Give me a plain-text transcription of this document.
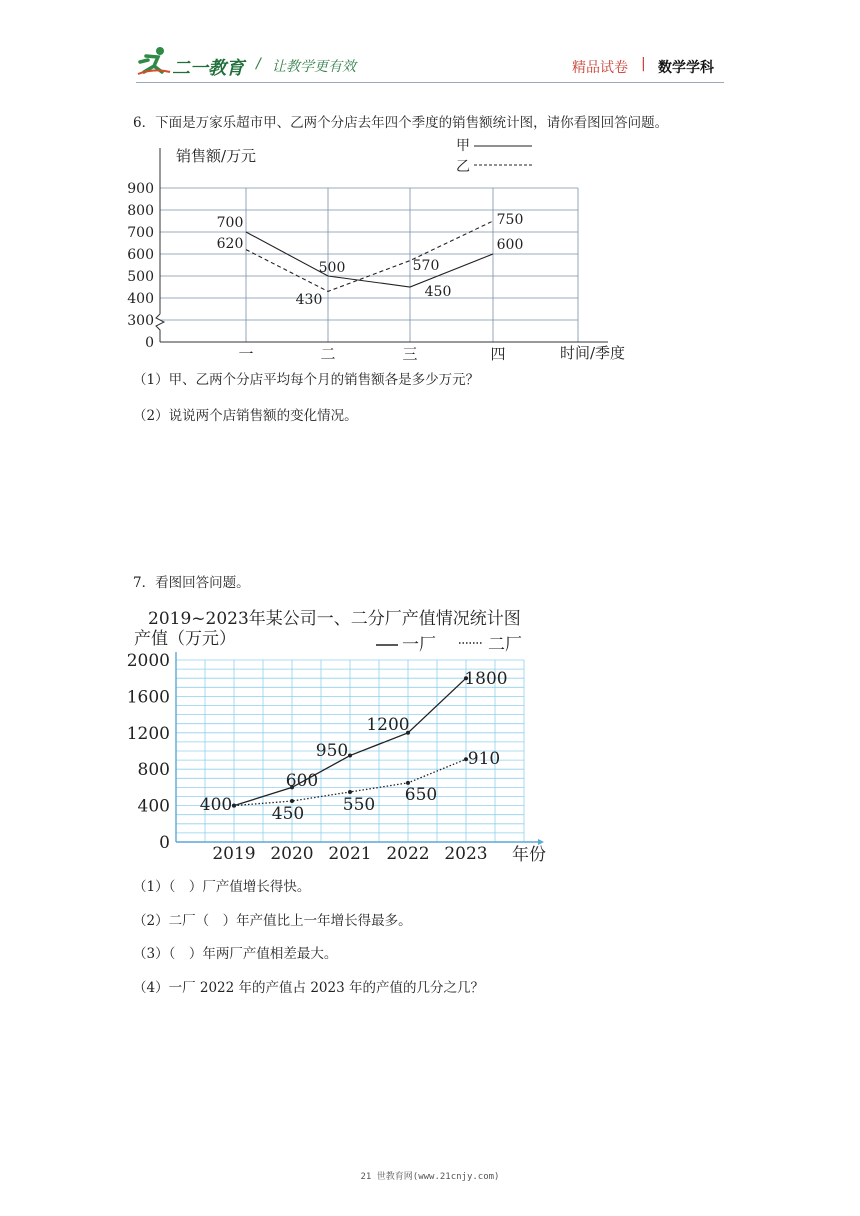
二一教育 / 让教学更有效	精品试卷 | 数学学科
6．下面是万家乐超市甲、乙两个分店去年四个季度的销售额统计图，请你看图回答问题。
0
300
400
500
600
700
800
900
销售额/万元
时间/季度
一	二	三	四
甲
乙
700
500
450
600
620
430
570
750
（1）甲、乙两个分店平均每个月的销售额各是多少万元？
（2）说说两个店销售额的变化情况。
7．看图回答问题。
2019~2023年某公司一、二分厂产值情况统计图
产值（万元）
年份
一厂	二厂
0
400
800
1200
1600
2000
2019 2020 2021 2022 2023
400
600
950
1200
1800
450 550 650
910
（1）（　）厂产值增长得快。
（2）二厂（　）年产值比上一年增长得最多。
（3）（　）年两厂产值相差最大。
（4）一厂 2022 年的产值占 2023 年的产值的几分之几？
21 世教育网(www.21cnjy.com)
